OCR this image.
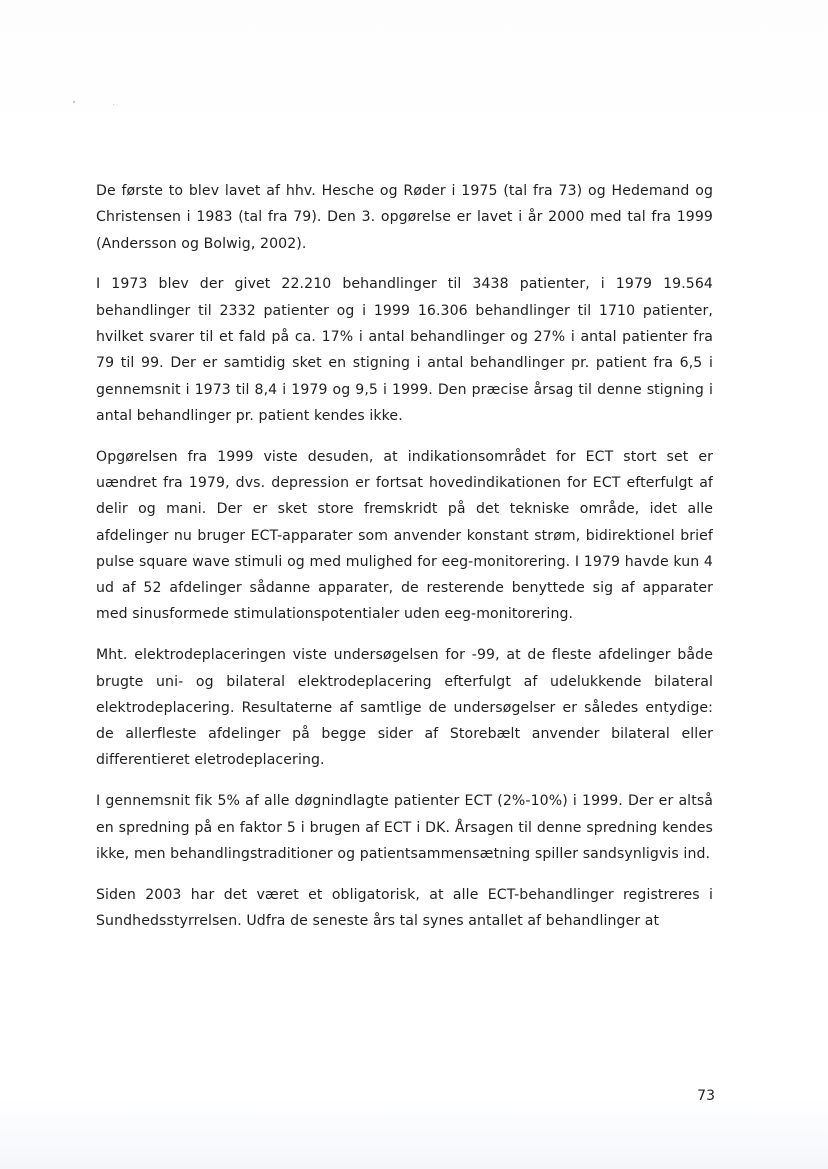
De første to blev lavet af hhv. Hesche og Røder i 1975 (tal fra 73) og Hedemand og Christensen i 1983 (tal fra 79). Den 3. opgørelse er lavet i år 2000 med tal fra 1999 (Andersson og Bolwig, 2002).

I 1973 blev der givet 22.210 behandlinger til 3438 patienter, i 1979 19.564 behandlinger til 2332 patienter og i 1999 16.306 behandlinger til 1710 patienter, hvilket svarer til et fald på ca. 17% i antal behandlinger og 27% i antal patienter fra 79 til 99. Der er samtidig sket en stigning i antal behandlinger pr. patient fra 6,5 i gennemsnit i 1973 til 8,4 i 1979 og 9,5 i 1999. Den præcise årsag til denne stigning i antal behandlinger pr. patient kendes ikke.

Opgørelsen fra 1999 viste desuden, at indikationsområdet for ECT stort set er uændret fra 1979, dvs. depression er fortsat hovedindikationen for ECT efterfulgt af delir og mani. Der er sket store fremskridt på det tekniske område, idet alle afdelinger nu bruger ECT-apparater som anvender konstant strøm, bidirektionel brief pulse square wave stimuli og med mulighed for eeg-monitorering. I 1979 havde kun 4 ud af 52 afdelinger sådanne apparater, de resterende benyttede sig af apparater med sinusformede stimulationspotentialer uden eeg-monitorering.

Mht. elektrodeplaceringen viste undersøgelsen for -99, at de fleste afdelinger både brugte uni- og bilateral elektrodeplacering efterfulgt af udelukkende bilateral elektrodeplacering. Resultaterne af samtlige de undersøgelser er således entydige: de allerfleste afdelinger på begge sider af Storebælt anvender bilateral eller differentieret eletrodeplacering.

I gennemsnit fik 5% af alle døgnindlagte patienter ECT (2%-10%) i 1999. Der er altså en spredning på en faktor 5 i brugen af ECT i DK. Årsagen til denne spredning kendes ikke, men behandlingstraditioner og patientsammensætning spiller sandsynligvis ind.

Siden 2003 har det været et obligatorisk, at alle ECT-behandlinger registreres i Sundhedsstyrrelsen. Udfra de seneste års tal synes antallet af behandlinger at

73
